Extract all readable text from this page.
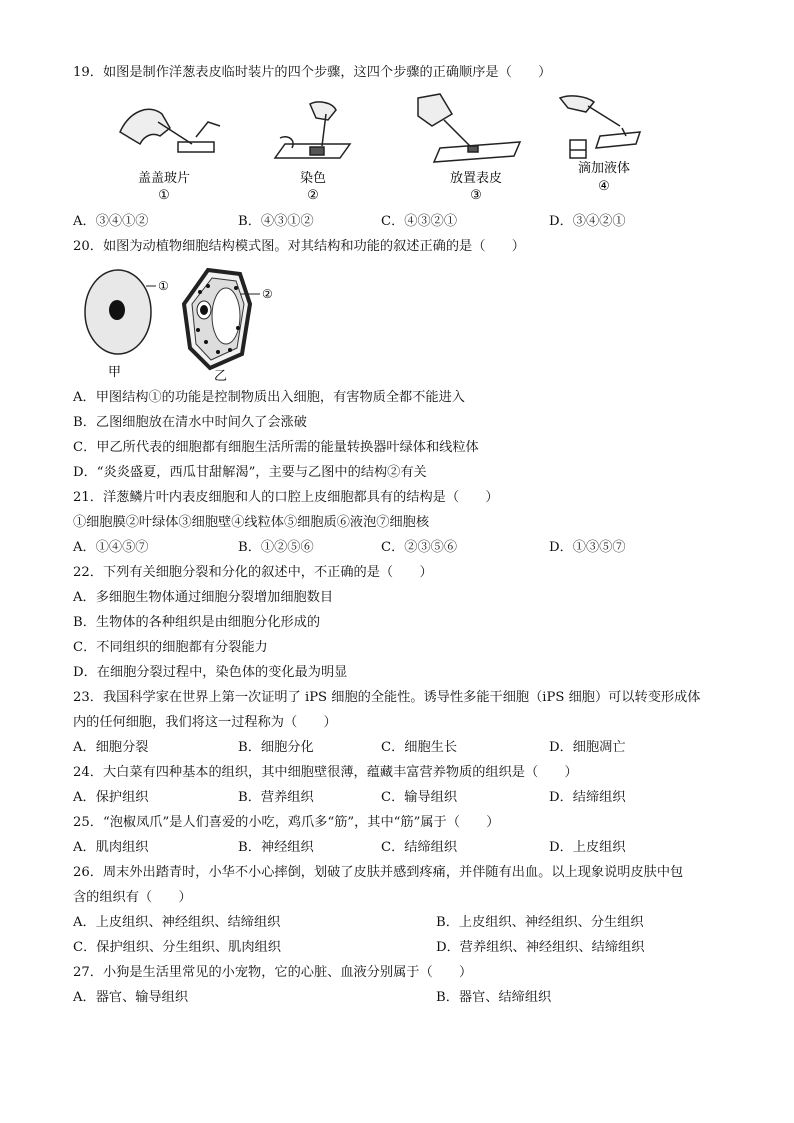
19．如图是制作洋葱表皮临时装片的四个步骤，这四个步骤的正确顺序是（　　）
盖盖玻片
①
染色
②
放置表皮
③
滴加液体
④
A．③④①②	B．④③①②	C．④③②①	D．③④②①
20．如图为动植物细胞结构模式图。对其结构和功能的叙述正确的是（　　）
①
甲
②
乙
A．甲图结构①的功能是控制物质出入细胞，有害物质全都不能进入
B．乙图细胞放在清水中时间久了会涨破
C．甲乙所代表的细胞都有细胞生活所需的能量转换器叶绿体和线粒体
D．“炎炎盛夏，西瓜甘甜解渴”，主要与乙图中的结构②有关
21．洋葱鳞片叶内表皮细胞和人的口腔上皮细胞都具有的结构是（　　）
①细胞膜②叶绿体③细胞壁④线粒体⑤细胞质⑥液泡⑦细胞核
A．①④⑤⑦	B．①②⑤⑥	C．②③⑤⑥	D．①③⑤⑦
22．下列有关细胞分裂和分化的叙述中，不正确的是（　　）
A．多细胞生物体通过细胞分裂增加细胞数目
B．生物体的各种组织是由细胞分化形成的
C．不同组织的细胞都有分裂能力
D．在细胞分裂过程中，染色体的变化最为明显
23．我国科学家在世界上第一次证明了 iPS 细胞的全能性。诱导性多能干细胞（iPS 细胞）可以转变形成体
内的任何细胞，我们将这一过程称为（　　）
A．细胞分裂	B．细胞分化	C．细胞生长	D．细胞凋亡
24．大白菜有四种基本的组织，其中细胞壁很薄，蕴藏丰富营养物质的组织是（　　）
A．保护组织	B．营养组织	C．输导组织	D．结缔组织
25．“泡椒凤爪”是人们喜爱的小吃，鸡爪多“筋”，其中“筋”属于（　　）
A．肌肉组织	B．神经组织	C．结缔组织	D．上皮组织
26．周末外出踏青时，小华不小心摔倒，划破了皮肤并感到疼痛，并伴随有出血。以上现象说明皮肤中包
含的组织有（　　）
A．上皮组织、神经组织、结缔组织	B．上皮组织、神经组织、分生组织
C．保护组织、分生组织、肌肉组织	D．营养组织、神经组织、结缔组织
27．小狗是生活里常见的小宠物，它的心脏、血液分别属于（　　）
A．器官、输导组织	B．器官、结缔组织
